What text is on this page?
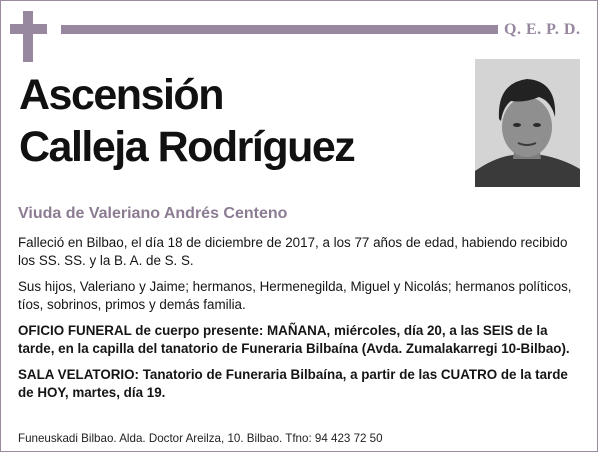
Q. E. P. D.
Ascensión
Calleja Rodríguez
Viuda de Valeriano Andrés Centeno

Falleció en Bilbao, el día 18 de diciembre de 2017, a los 77 años de edad, habiendo recibido los SS. SS. y la B. A. de S. S.

Sus hijos, Valeriano y Jaime; hermanos, Hermenegilda, Miguel y Nicolás; hermanos políticos, tíos, sobrinos, primos y demás familia.

OFICIO FUNERAL de cuerpo presente: MAÑANA, miércoles, día 20, a las SEIS de la tarde, en la capilla del tanatorio de Funeraria Bilbaína (Avda. Zumalakarregi 10-Bilbao).

SALA VELATORIO: Tanatorio de Funeraria Bilbaína, a partir de las CUATRO de la tarde de HOY, martes, día 19.

Funeuskadi Bilbao. Alda. Doctor Areilza, 10. Bilbao. Tfno: 94 423 72 50
